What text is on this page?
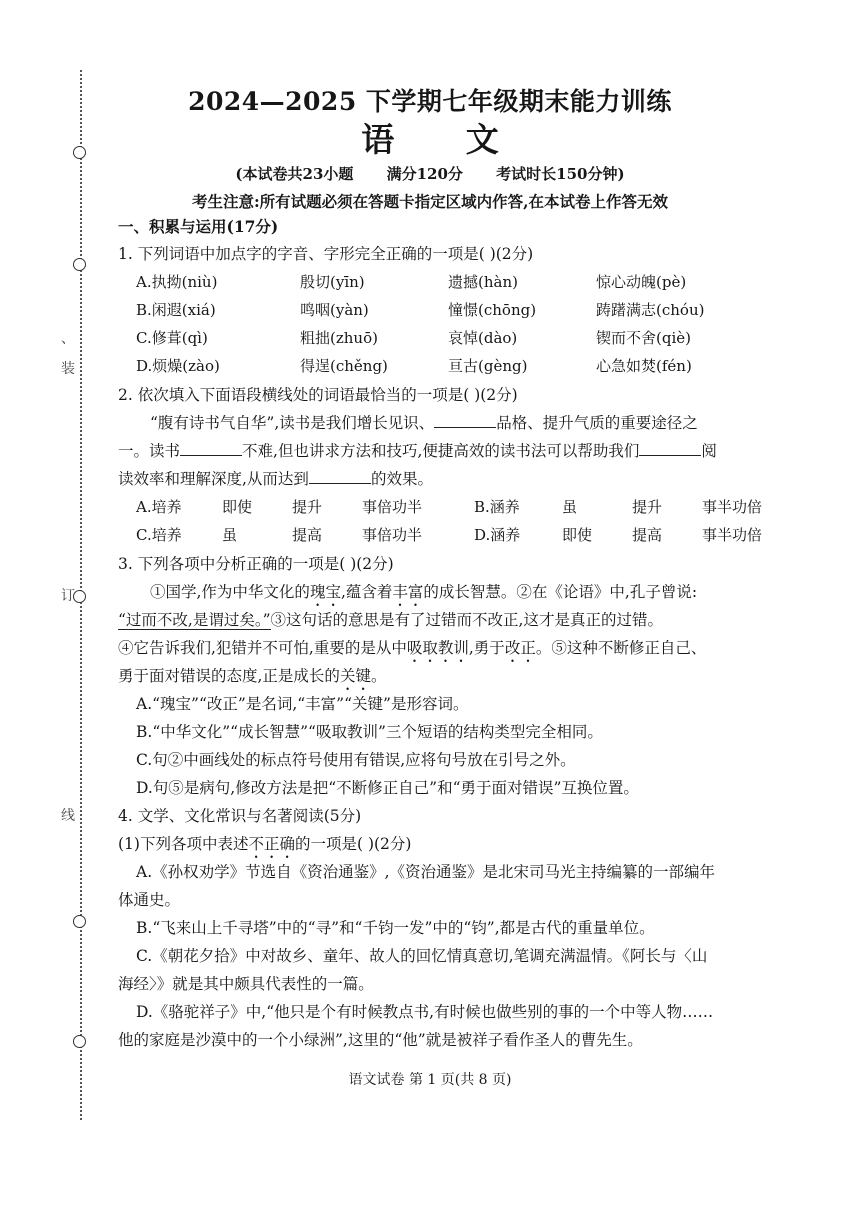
、
装
订
线
2024—2025 下学期七年级期末能力训练
语 文
(本试卷共23小题 满分120分 考试时长150分钟)
考生注意:所有试题必须在答题卡指定区域内作答,在本试卷上作答无效
一、积累与运用(17分)
1. 下列词语中加点字的字音、字形完全正确的一项是( )(2分)
A.执拗(niù)	殷切(yīn)	遗撼(hàn)	惊心动魄(pè)
B.闲遐(xiá)	鸣咽(yàn)	憧憬(chōng)	踌躇满志(chóu)
C.修葺(qì)	粗拙(zhuō)	哀悼(dào)	锲而不舍(qiè)
D.烦燥(zào)	得逞(chěng)	亘古(gèng)	心急如焚(fén)
2. 依次填入下面语段横线处的词语最恰当的一项是( )(2分)
“腹有诗书气自华”,读书是我们增长见识、	品格、提升气质的重要途径之
一。读书	不难,但也讲求方法和技巧,便捷高效的读书法可以帮助我们	阅
读效率和理解深度,从而达到	的效果。
A.培养	即使	提升	事倍功半	B.涵养	虽	提升	事半功倍
C.培养	虽	提高	事倍功半	D.涵养	即使	提高	事半功倍
3. 下列各项中分析正确的一项是( )(2分)
①国学,作为中华文化的瑰宝,蕴含着丰富的成长智慧。②在《论语》中,孔子曾说:
“过而不改,是谓过矣。”③这句话的意思是有了过错而不改正,这才是真正的过错。
④它告诉我们,犯错并不可怕,重要的是从中吸取教训,勇于改正。⑤这种不断修正自己、
勇于面对错误的态度,正是成长的关键。
A.“瑰宝”“改正”是名词,“丰富”“关键”是形容词。
B.“中华文化”“成长智慧”“吸取教训”三个短语的结构类型完全相同。
C.句②中画线处的标点符号使用有错误,应将句号放在引号之外。
D.句⑤是病句,修改方法是把“不断修正自己”和“勇于面对错误”互换位置。
4. 文学、文化常识与名著阅读(5分)
(1)下列各项中表述不正确的一项是( )(2分)
A.《孙权劝学》节选自《资治通鉴》,《资治通鉴》是北宋司马光主持编纂的一部编年
体通史。
B.“飞来山上千寻塔”中的“寻”和“千钧一发”中的“钧”,都是古代的重量单位。
C.《朝花夕拾》中对故乡、童年、故人的回忆情真意切,笔调充满温情。《阿长与〈山
海经〉》就是其中颇具代表性的一篇。
D.《骆驼祥子》中,“他只是个有时候教点书,有时候也做些别的事的一个中等人物……
他的家庭是沙漠中的一个小绿洲”,这里的“他”就是被祥子看作圣人的曹先生。
语文试卷 第 1 页(共 8 页)
